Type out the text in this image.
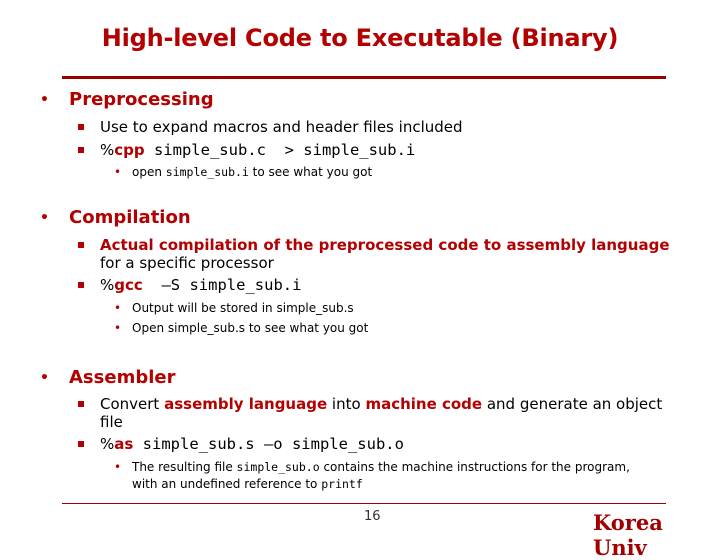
High-level Code to Executable (Binary)
•	Preprocessing
Use to expand macros and header files included
%cpp simple_sub.c  > simple_sub.i
• open simple_sub.i to see what you got
•	Compilation
Actual compilation of the preprocessed code to assembly language
for a specific processor
%gcc  –S simple_sub.i
• Output will be stored in simple_sub.s
• Open simple_sub.s to see what you got
•	Assembler
Convert assembly language into machine code and generate an object
file
%as simple_sub.s –o simple_sub.o
• The resulting file simple_sub.o contains the machine instructions for the program,
with an undefined reference to printf
16	Korea Univ
